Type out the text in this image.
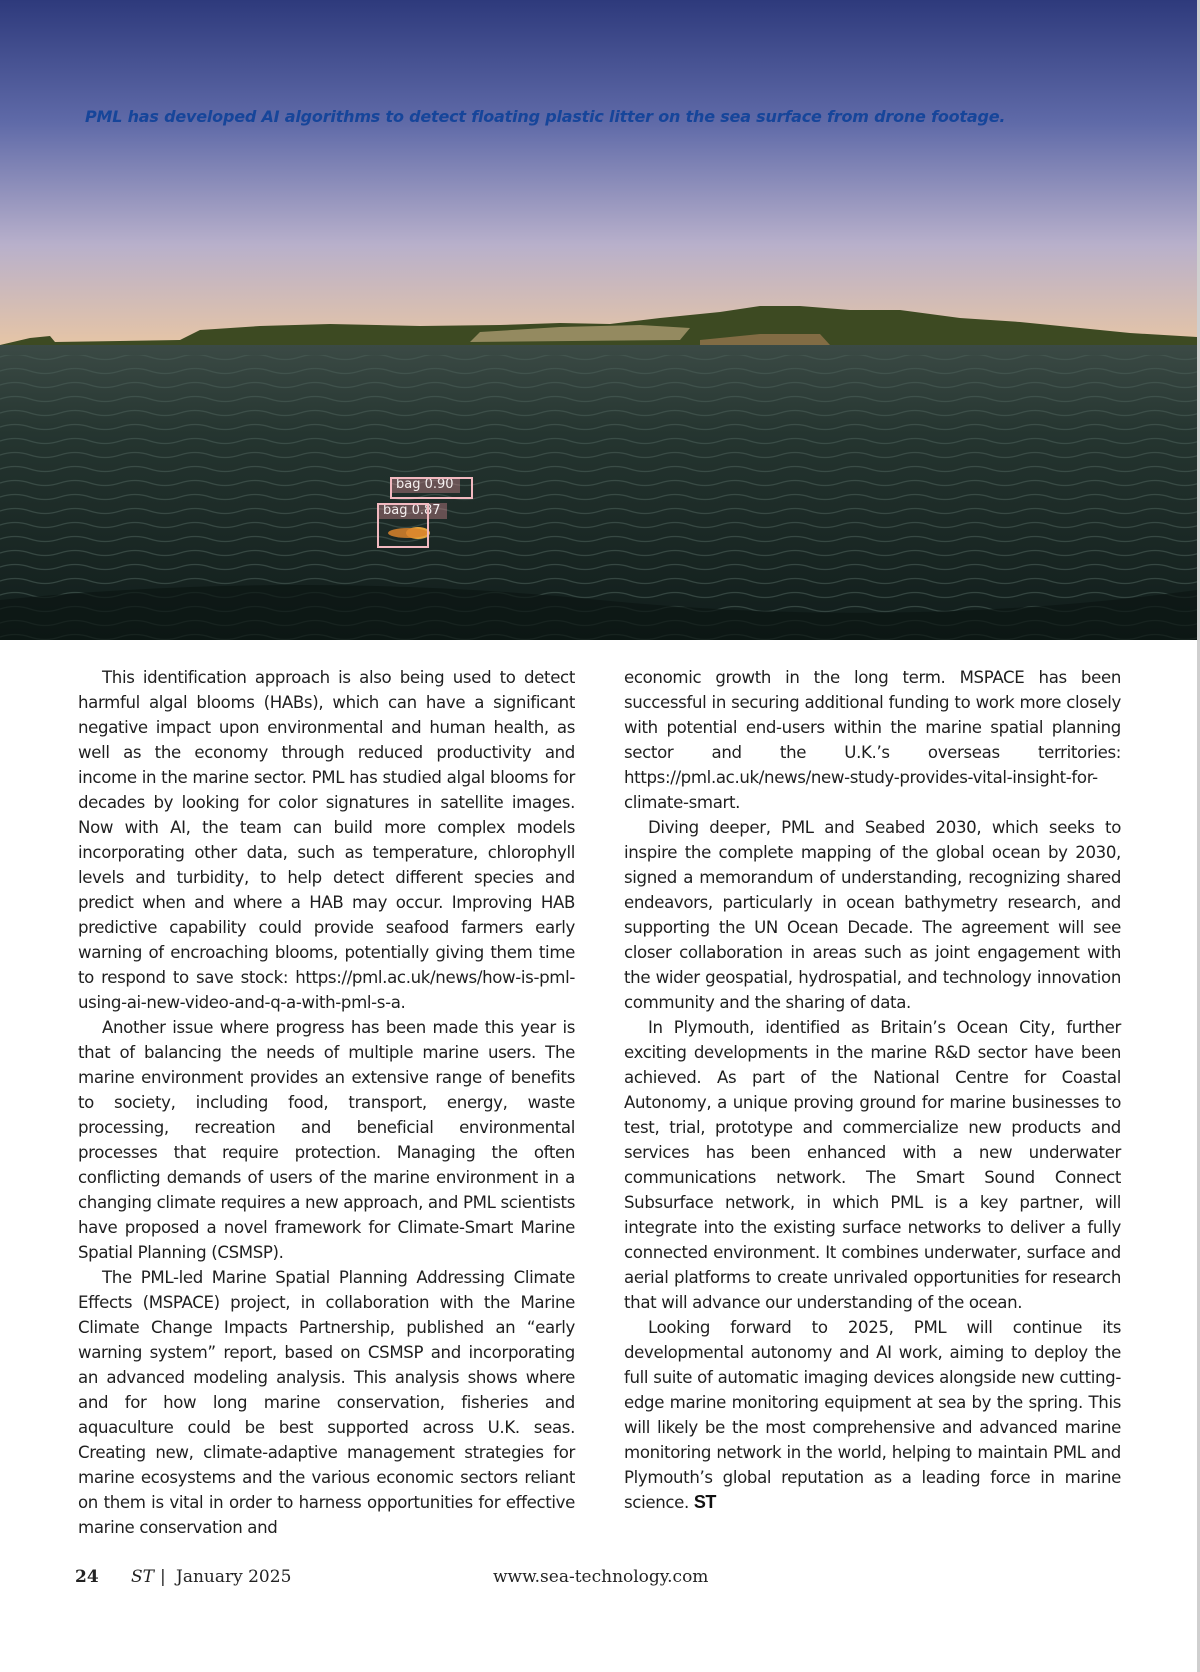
PML has developed AI algorithms to detect floating plastic litter on the sea surface from drone footage.
bag 0.90
bag 0.87

This identification approach is also being used to detect harmful algal blooms (HABs), which can have a significant negative impact upon environmental and human health, as well as the economy through reduced productivity and income in the marine sector. PML has studied algal blooms for decades by looking for color signatures in satellite images. Now with AI, the team can build more complex models incorporating other data, such as temperature, chlorophyll levels and turbidity, to help detect different species and predict when and where a HAB may occur. Improving HAB predictive capability could provide seafood farmers early warning of encroaching blooms, potentially giving them time to respond to save stock: https://pml.ac.uk/news/how-is-pml-using-ai-new-video-and-q-a-with-pml-s-a.

Another issue where progress has been made this year is that of balancing the needs of multiple marine users. The marine environment provides an extensive range of benefits to society, including food, transport, energy, waste processing, recreation and beneficial environmental processes that require protection. Managing the often conflicting demands of users of the marine environment in a changing climate requires a new approach, and PML scientists have proposed a novel framework for Climate-Smart Marine Spatial Planning (CSMSP).

The PML-led Marine Spatial Planning Addressing Climate Effects (MSPACE) project, in collaboration with the Marine Climate Change Impacts Partnership, published an “early warning system” report, based on CSMSP and incorporating an advanced modeling analysis. This analysis shows where and for how long marine conservation, fisheries and aquaculture could be best supported across U.K. seas. Creating new, climate-adaptive management strategies for marine ecosystems and the various economic sectors reliant on them is vital in order to harness opportunities for effective marine conservation and

economic growth in the long term. MSPACE has been successful in securing additional funding to work more closely with potential end-users within the marine spatial planning sector and the U.K.’s overseas territories: https://pml.ac.uk/news/new-study-provides-vital-insight-for-climate-smart.

Diving deeper, PML and Seabed 2030, which seeks to inspire the complete mapping of the global ocean by 2030, signed a memorandum of understanding, recognizing shared endeavors, particularly in ocean bathymetry research, and supporting the UN Ocean Decade. The agreement will see closer collaboration in areas such as joint engagement with the wider geospatial, hydrospatial, and technology innovation community and the sharing of data.

In Plymouth, identified as Britain’s Ocean City, further exciting developments in the marine R&D sector have been achieved. As part of the National Centre for Coastal Autonomy, a unique proving ground for marine businesses to test, trial, prototype and commercialize new products and services has been enhanced with a new underwater communications network. The Smart Sound Connect Subsurface network, in which PML is a key partner, will integrate into the existing surface networks to deliver a fully connected environment. It combines underwater, surface and aerial platforms to create unrivaled opportunities for research that will advance our understanding of the ocean.

Looking forward to 2025, PML will continue its developmental autonomy and AI work, aiming to deploy the full suite of automatic imaging devices alongside new cutting-edge marine monitoring equipment at sea by the spring. This will likely be the most comprehensive and advanced marine monitoring network in the world, helping to maintain PML and Plymouth’s global reputation as a leading force in marine science. ST

24 ST | January 2025	www.sea-technology.com
